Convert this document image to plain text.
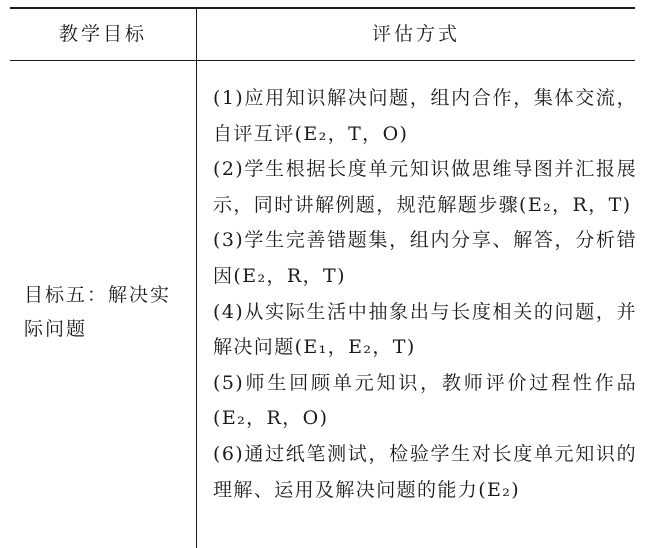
教学目标	评估方式
目标五：解决实际问题
(1)应用知识解决问题，组内合作，集体交流，自评互评(E₂，T，O)
(2)学生根据长度单元知识做思维导图并汇报展示，同时讲解例题，规范解题步骤(E₂，R，T)
(3)学生完善错题集，组内分享、解答，分析错因(E₂，R，T)
(4)从实际生活中抽象出与长度相关的问题，并解决问题(E₁，E₂，T)
(5)师生回顾单元知识，教师评价过程性作品(E₂，R，O)
(6)通过纸笔测试，检验学生对长度单元知识的理解、运用及解决问题的能力(E₂)
